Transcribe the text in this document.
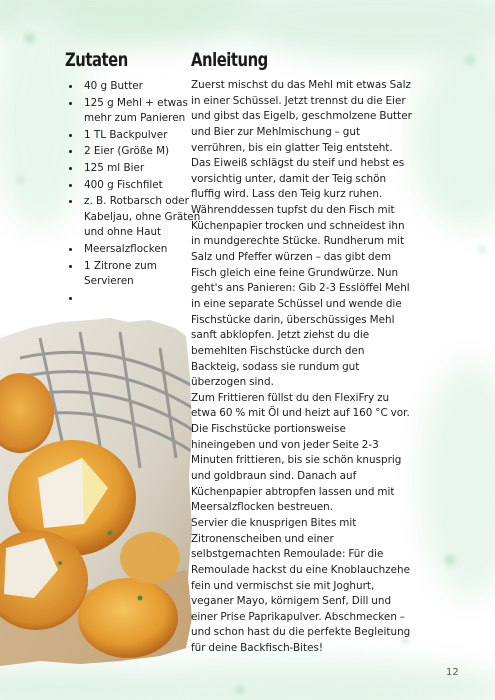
Zutaten
• 40 g Butter
• 125 g Mehl + etwas mehr zum Panieren
• 1 TL Backpulver
• 2 Eier (Größe M)
• 125 ml Bier
• 400 g Fischfilet
• z. B. Rotbarsch oder Kabeljau, ohne Gräten und ohne Haut
• Meersalzflocken
• 1 Zitrone zum Servieren
•
Anleitung

Zuerst mischst du das Mehl mit etwas Salz in einer Schüssel. Jetzt trennst du die Eier und gibst das Eigelb, geschmolzene Butter und Bier zur Mehlmischung – gut verrühren, bis ein glatter Teig entsteht. Das Eiweiß schlägst du steif und hebst es vorsichtig unter, damit der Teig schön fluffig wird. Lass den Teig kurz ruhen. Währenddessen tupfst du den Fisch mit Küchenpapier trocken und schneidest ihn in mundgerechte Stücke. Rundherum mit Salz und Pfeffer würzen – das gibt dem Fisch gleich eine feine Grundwürze. Nun geht's ans Panieren: Gib 2-3 Esslöffel Mehl in eine separate Schüssel und wende die Fischstücke darin, überschüssiges Mehl sanft abklopfen. Jetzt ziehst du die bemehlten Fischstücke durch den Backteig, sodass sie rundum gut überzogen sind.

Zum Frittieren füllst du den FlexiFry zu etwa 60 % mit Öl und heizt auf 160 °C vor. Die Fischstücke portionsweise hineingeben und von jeder Seite 2-3 Minuten frittieren, bis sie schön knusprig und goldbraun sind. Danach auf Küchenpapier abtropfen lassen und mit Meersalzflocken bestreuen.

Servier die knusprigen Bites mit Zitronenscheiben und einer selbstgemachten Remoulade: Für die Remoulade hackst du eine Knoblauchzehe fein und vermischst sie mit Joghurt, veganer Mayo, körnigem Senf, Dill und einer Prise Paprikapulver. Abschmecken – und schon hast du die perfekte Begleitung für deine Backfisch-Bites!

12
